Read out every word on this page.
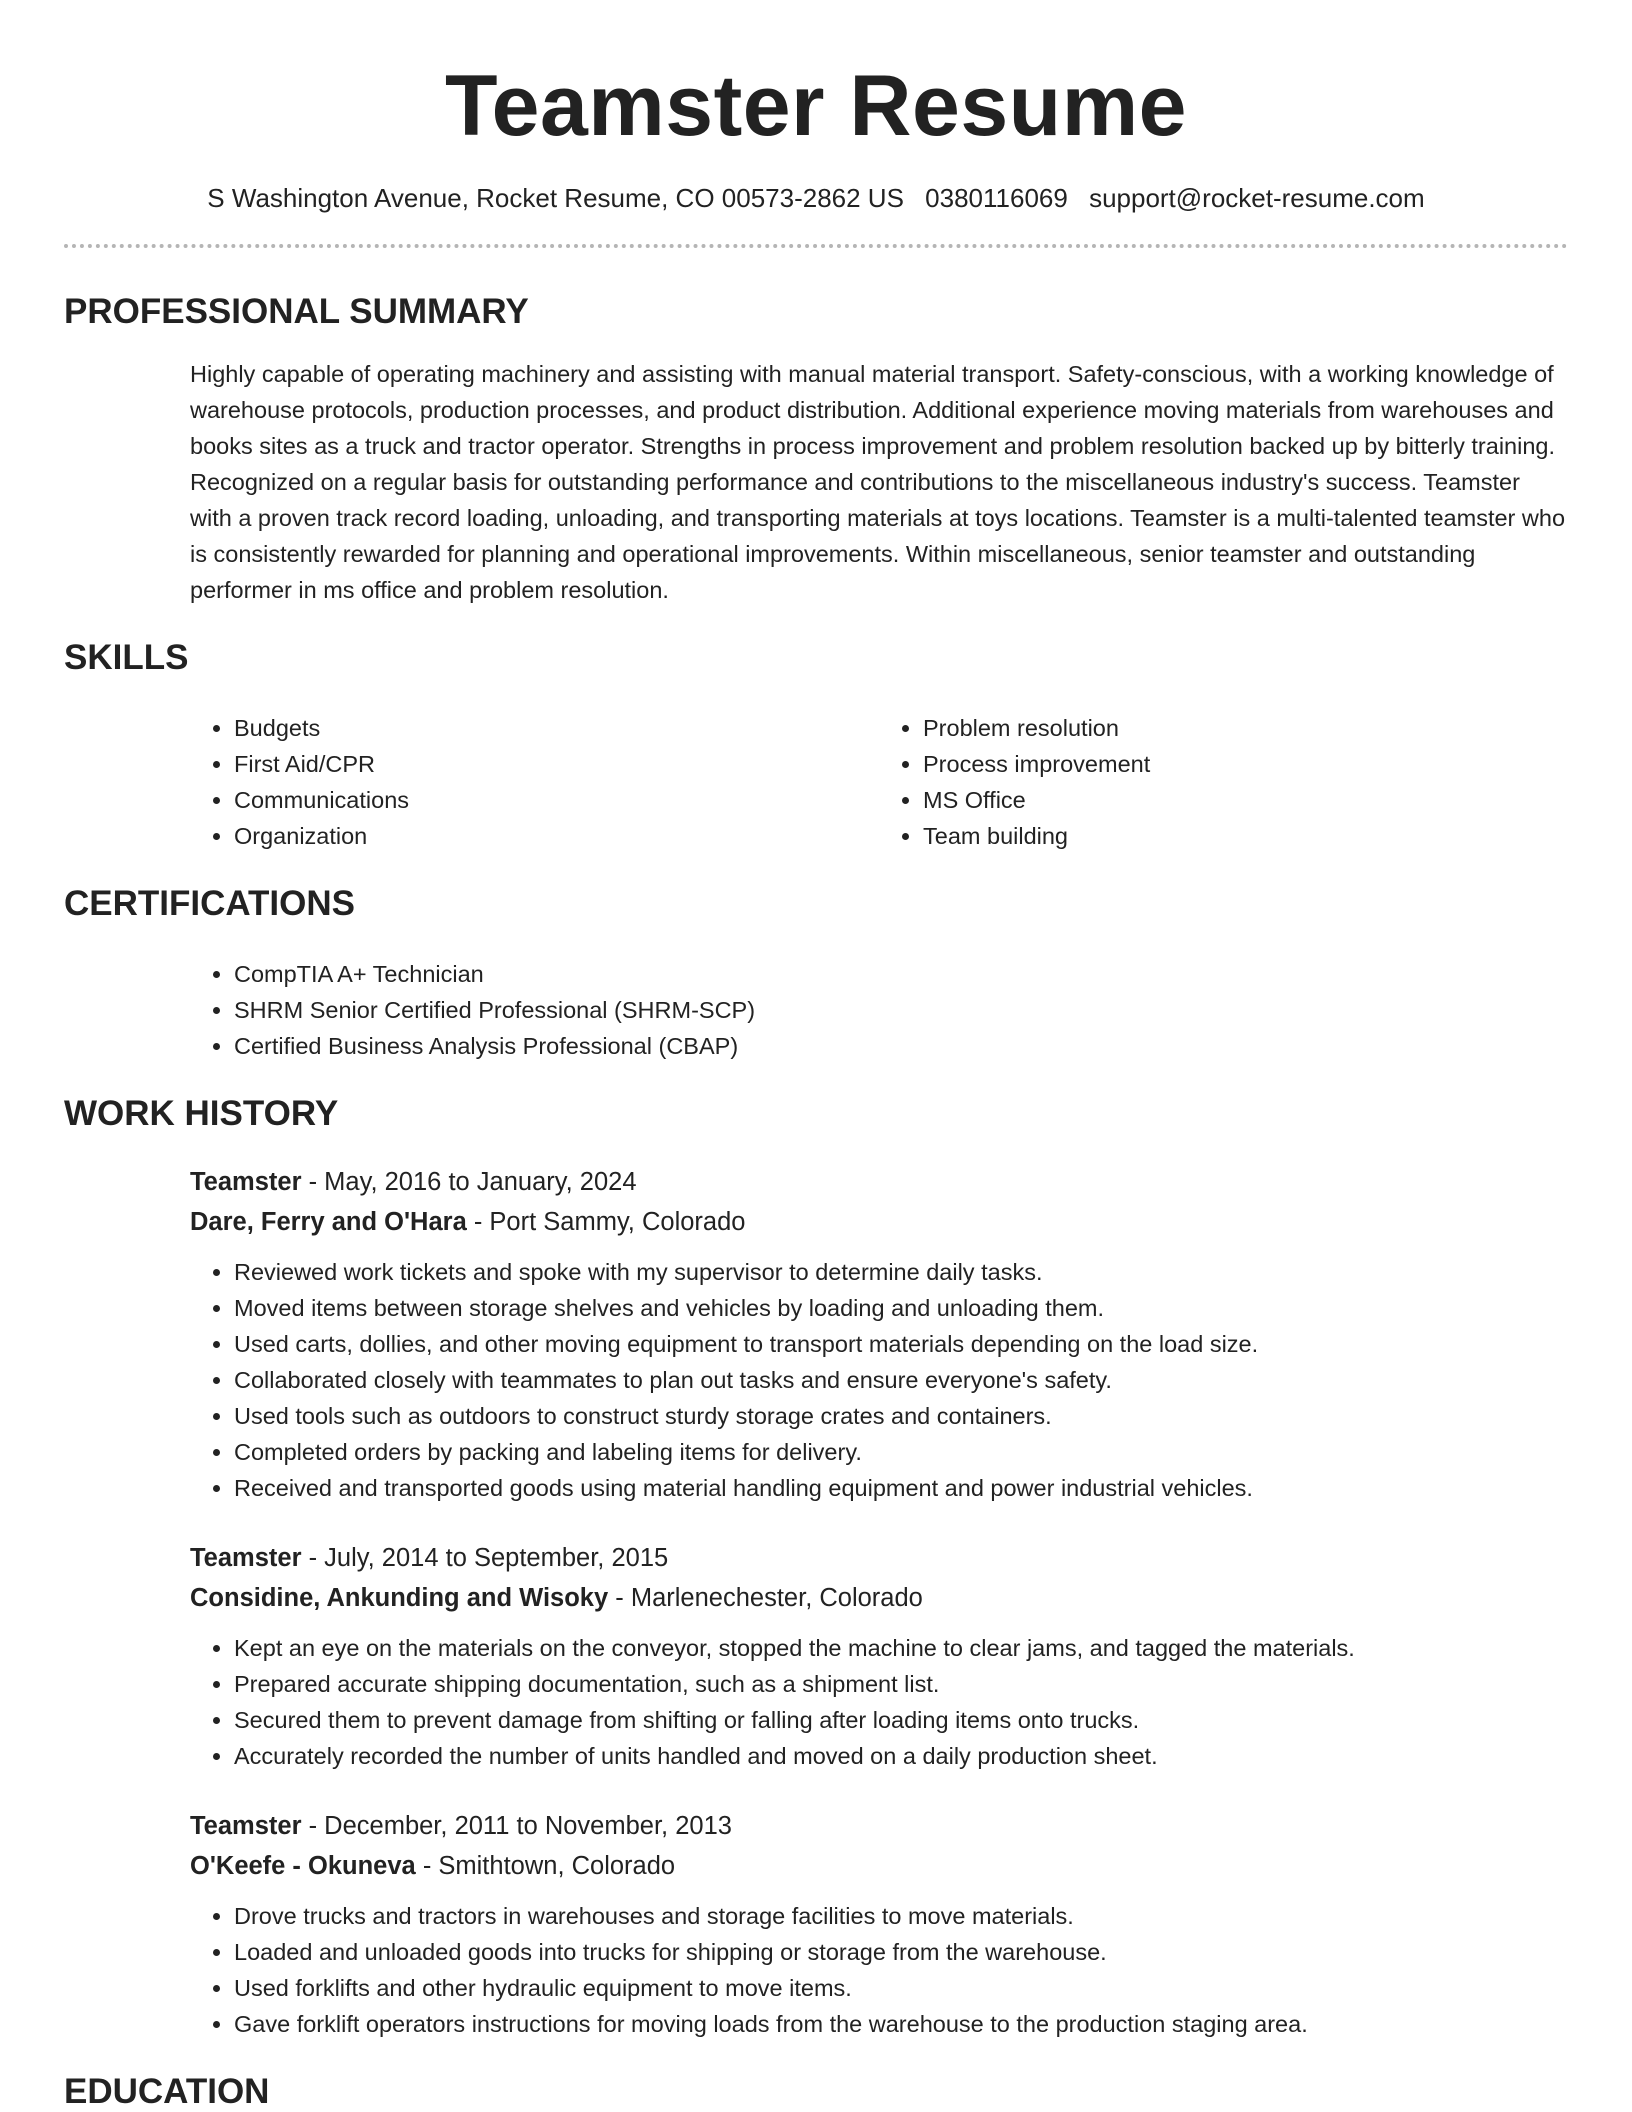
Teamster Resume
S Washington Avenue, Rocket Resume, CO 00573-2862 US 0380116069 support@rocket-resume.com
PROFESSIONAL SUMMARY
Highly capable of operating machinery and assisting with manual material transport. Safety-conscious, with a working knowledge of warehouse protocols, production processes, and product distribution. Additional experience moving materials from warehouses and books sites as a truck and tractor operator. Strengths in process improvement and problem resolution backed up by bitterly training. Recognized on a regular basis for outstanding performance and contributions to the miscellaneous industry's success. Teamster with a proven track record loading, unloading, and transporting materials at toys locations. Teamster is a multi-talented teamster who is consistently rewarded for planning and operational improvements. Within miscellaneous, senior teamster and outstanding performer in ms office and problem resolution.
SKILLS
• Budgets
• First Aid/CPR
• Communications
• Organization
• Problem resolution
• Process improvement
• MS Office
• Team building
CERTIFICATIONS
• CompTIA A+ Technician
• SHRM Senior Certified Professional (SHRM-SCP)
• Certified Business Analysis Professional (CBAP)
WORK HISTORY
Teamster - May, 2016 to January, 2024
Dare, Ferry and O'Hara - Port Sammy, Colorado
• Reviewed work tickets and spoke with my supervisor to determine daily tasks.
• Moved items between storage shelves and vehicles by loading and unloading them.
• Used carts, dollies, and other moving equipment to transport materials depending on the load size.
• Collaborated closely with teammates to plan out tasks and ensure everyone's safety.
• Used tools such as outdoors to construct sturdy storage crates and containers.
• Completed orders by packing and labeling items for delivery.
• Received and transported goods using material handling equipment and power industrial vehicles.
Teamster - July, 2014 to September, 2015
Considine, Ankunding and Wisoky - Marlenechester, Colorado
• Kept an eye on the materials on the conveyor, stopped the machine to clear jams, and tagged the materials.
• Prepared accurate shipping documentation, such as a shipment list.
• Secured them to prevent damage from shifting or falling after loading items onto trucks.
• Accurately recorded the number of units handled and moved on a daily production sheet.
Teamster - December, 2011 to November, 2013
O'Keefe - Okuneva - Smithtown, Colorado
• Drove trucks and tractors in warehouses and storage facilities to move materials.
• Loaded and unloaded goods into trucks for shipping or storage from the warehouse.
• Used forklifts and other hydraulic equipment to move items.
• Gave forklift operators instructions for moving loads from the warehouse to the production staging area.
EDUCATION
